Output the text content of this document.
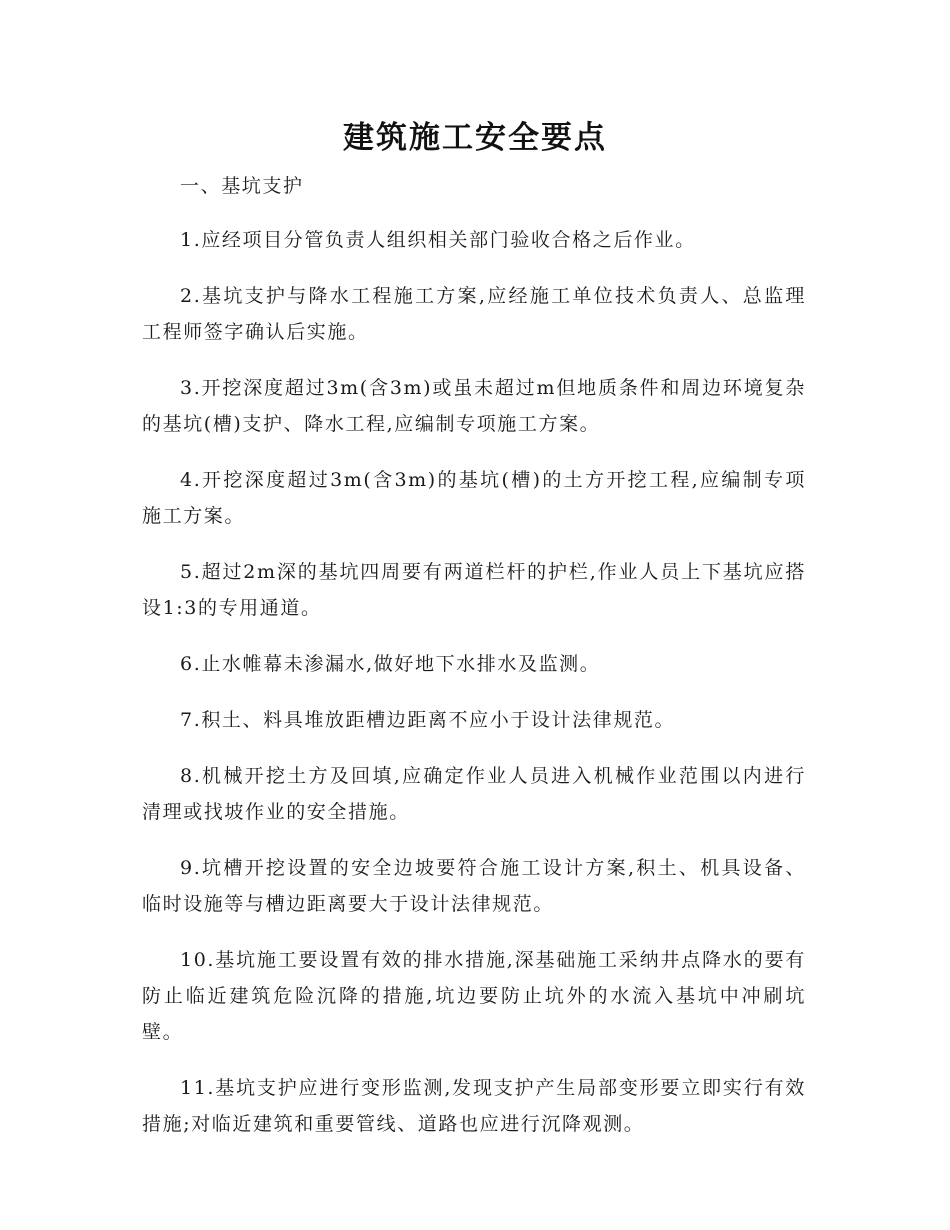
建筑施工安全要点

一、基坑支护

1.应经项目分管负责人组织相关部门验收合格之后作业。

2.基坑支护与降水工程施工方案,应经施工单位技术负责人、总监理工程师签字确认后实施。

3.开挖深度超过3m(含3m)或虽未超过m但地质条件和周边环境复杂的基坑(槽)支护、降水工程,应编制专项施工方案。

4.开挖深度超过3m(含3m)的基坑(槽)的土方开挖工程,应编制专项施工方案。

5.超过2m深的基坑四周要有两道栏杆的护栏,作业人员上下基坑应搭设1:3的专用通道。

6.止水帷幕未渗漏水,做好地下水排水及监测。

7.积土、料具堆放距槽边距离不应小于设计法律规范。

8.机械开挖土方及回填,应确定作业人员进入机械作业范围以内进行清理或找坡作业的安全措施。

9.坑槽开挖设置的安全边坡要符合施工设计方案,积土、机具设备、临时设施等与槽边距离要大于设计法律规范。

10.基坑施工要设置有效的排水措施,深基础施工采纳井点降水的要有防止临近建筑危险沉降的措施,坑边要防止坑外的水流入基坑中冲刷坑壁。

11.基坑支护应进行变形监测,发现支护产生局部变形要立即实行有效措施;对临近建筑和重要管线、道路也应进行沉降观测。
